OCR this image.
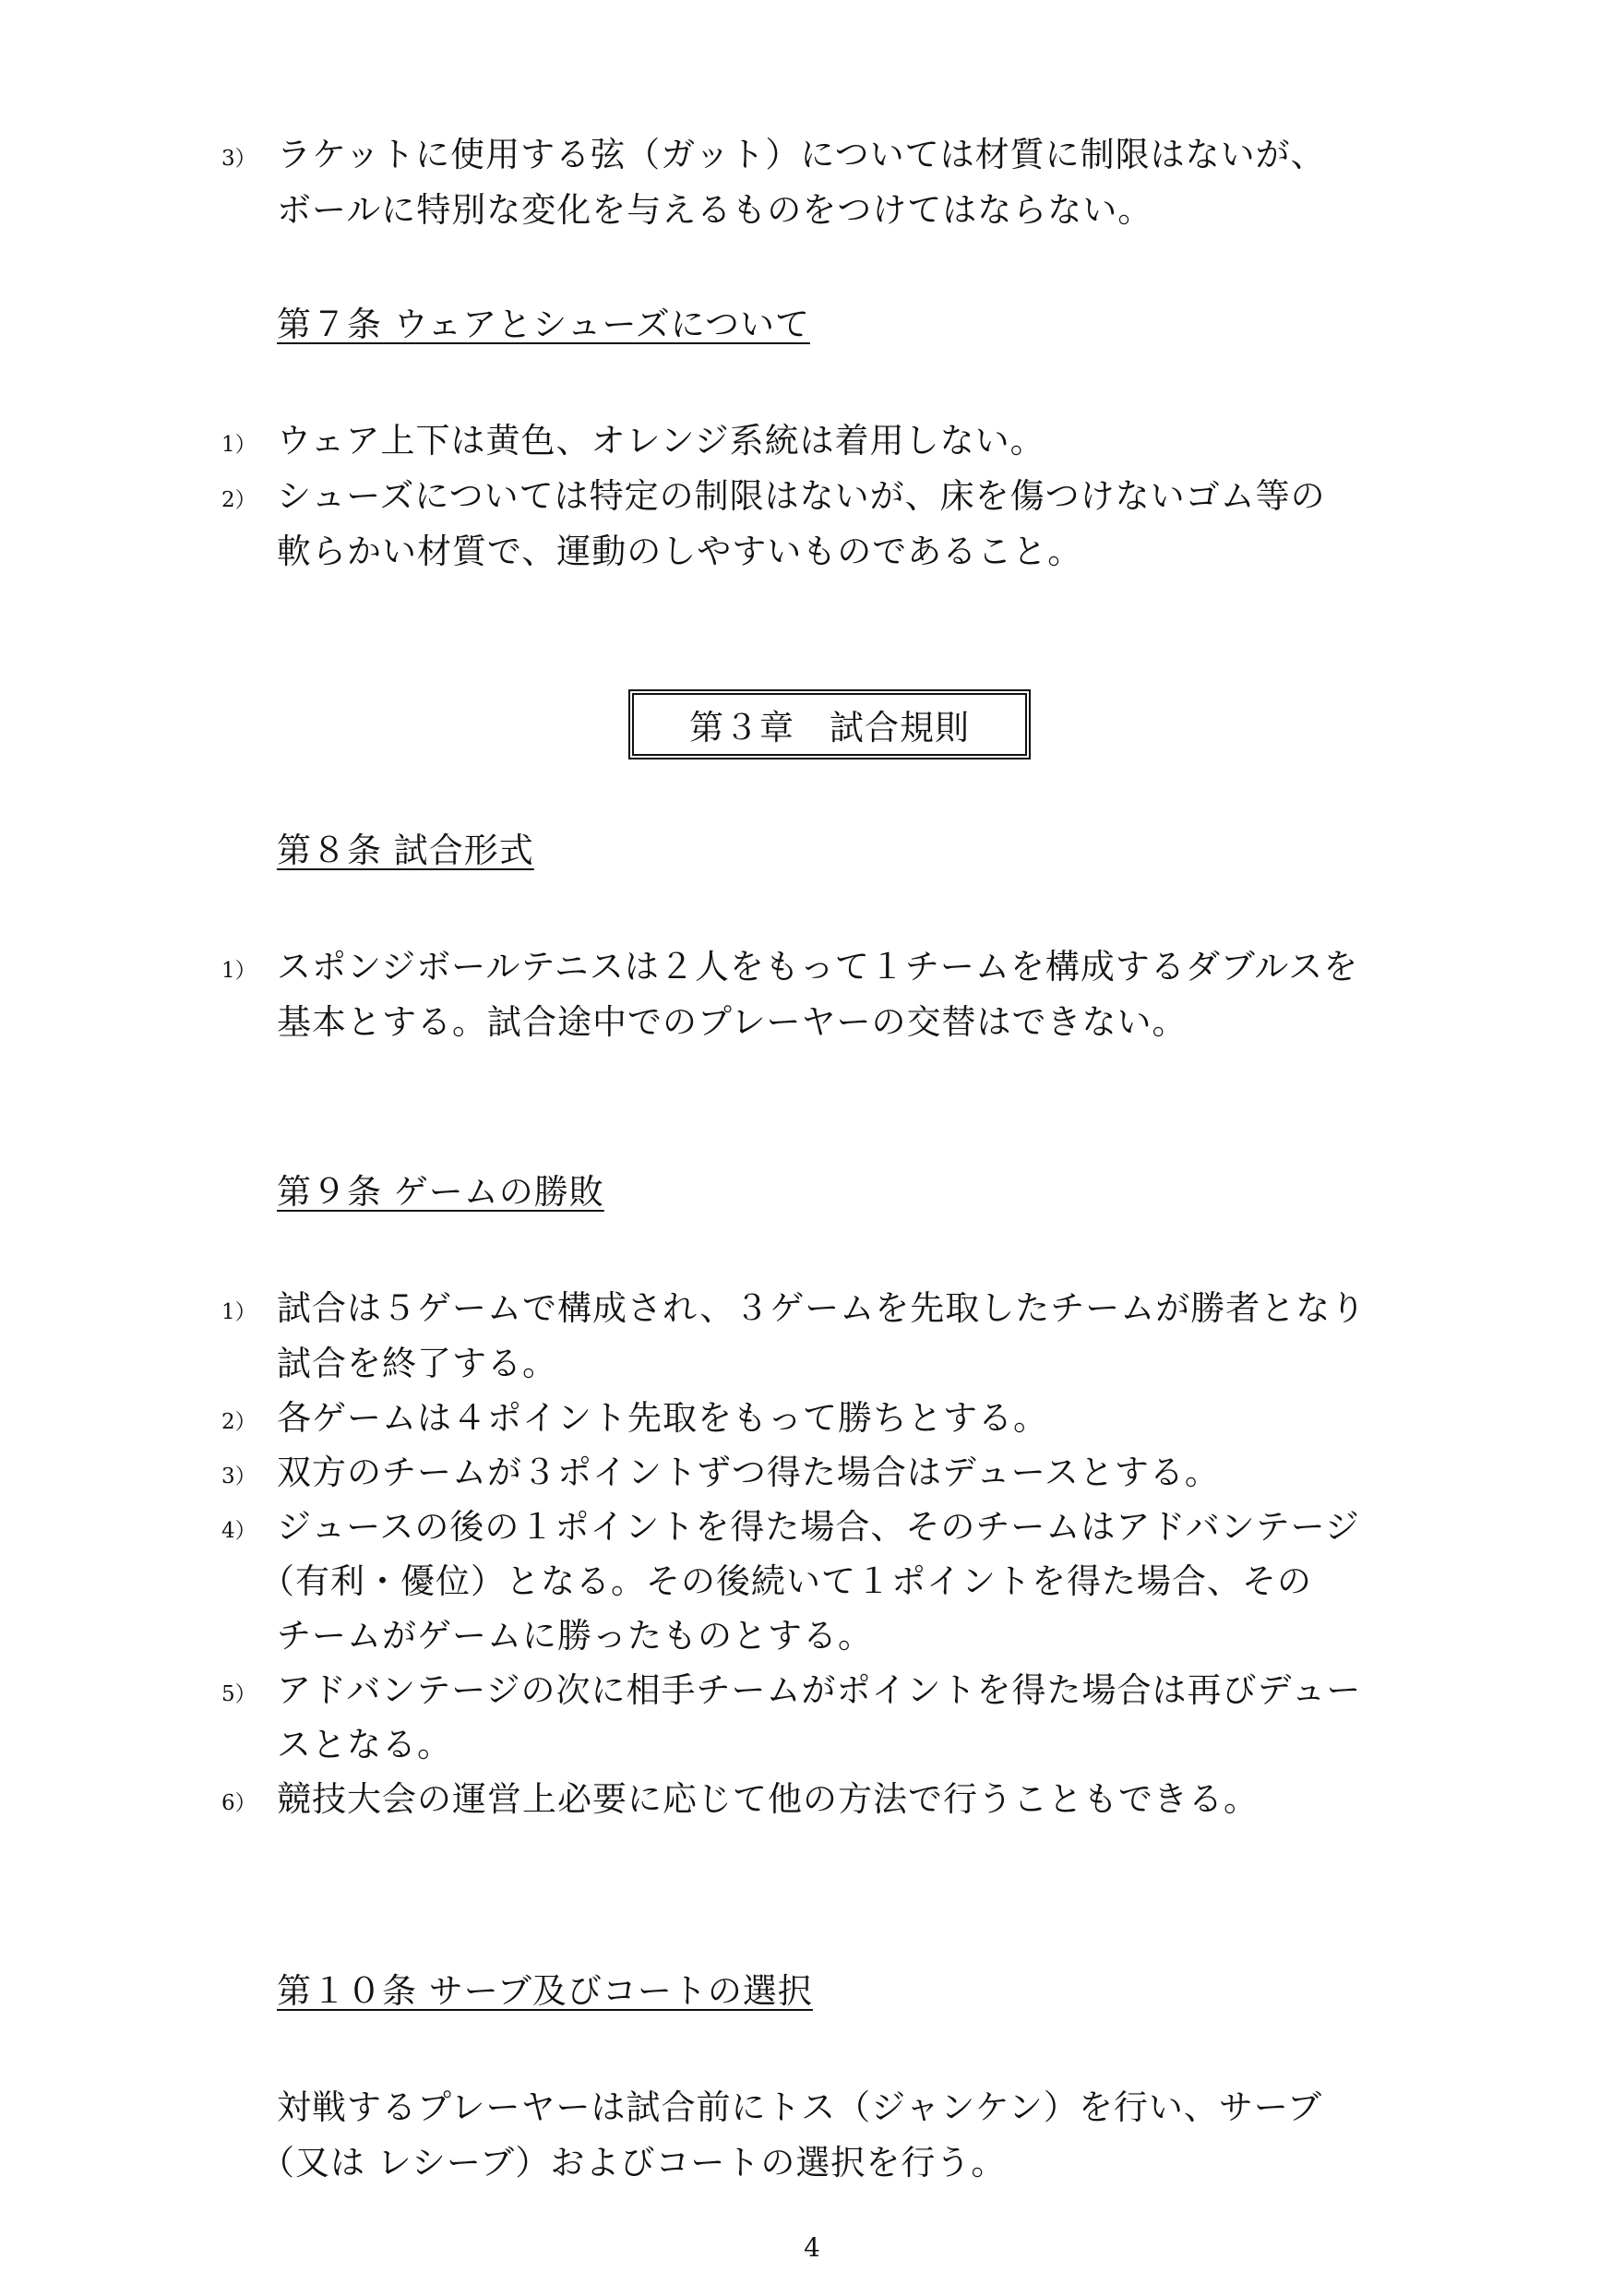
3） ラケットに使用する弦（ガット）については材質に制限はないが、
ボールに特別な変化を与えるものをつけてはならない。
第７条 ウェアとシューズについて
1） ウェア上下は黄色、オレンジ系統は着用しない。
2） シューズについては特定の制限はないが、床を傷つけないゴム等の
軟らかい材質で、運動のしやすいものであること。
第３章　試合規則
第８条 試合形式
1） スポンジボールテニスは２人をもって１チームを構成するダブルスを
基本とする。試合途中でのプレーヤーの交替はできない。
第９条 ゲームの勝敗
1） 試合は５ゲームで構成され、３ゲームを先取したチームが勝者となり
試合を終了する。
2） 各ゲームは４ポイント先取をもって勝ちとする。
3） 双方のチームが３ポイントずつ得た場合はデュースとする。
4） ジュースの後の１ポイントを得た場合、そのチームはアドバンテージ
（有利・優位）となる。その後続いて１ポイントを得た場合、その
チームがゲームに勝ったものとする。
5） アドバンテージの次に相手チームがポイントを得た場合は再びデュー
スとなる。
6） 競技大会の運営上必要に応じて他の方法で行うこともできる。
第１０条 サーブ及びコートの選択
対戦するプレーヤーは試合前にトス（ジャンケン）を行い、サーブ
（又は レシーブ）およびコートの選択を行う。
4
